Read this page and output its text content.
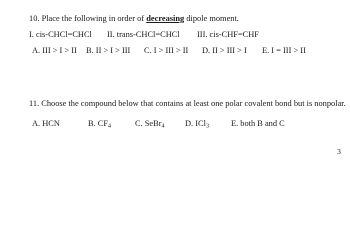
10. Place the following in order of decreasing dipole moment.
I. cis-CHCl=CHCl II. trans-CHCl=CHCl III. cis-CHF=CHF
A. III > I > II B. II > I > III C. I > III > II D. II > III > I E. I = III > II
11. Choose the compound below that contains at least one polar covalent bond but is nonpolar.
A. HCN	B. $CF_4$	C. SeBr$_4$ D. ICl$_3$	E. both B and C
3
